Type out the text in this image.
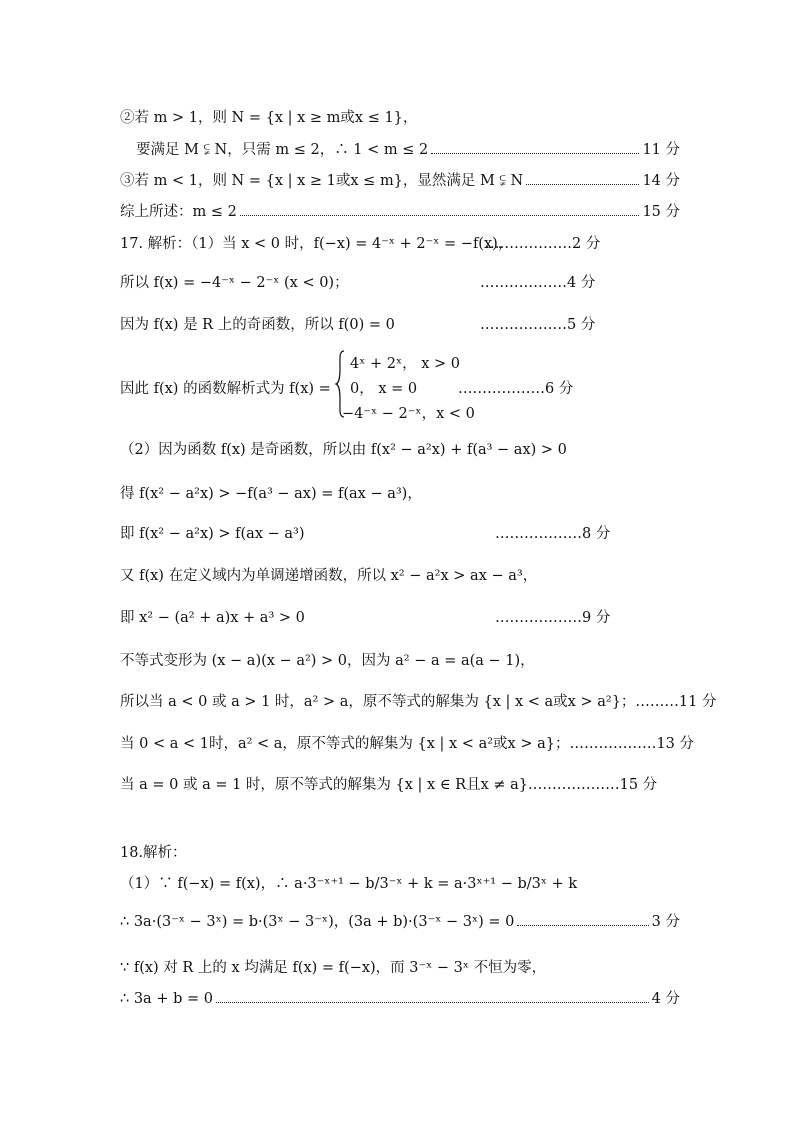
②若 m > 1，则 N = {x | x ≥ m或x ≤ 1}，
要满足 M ⫋ N，只需 m ≤ 2，∴ 1 < m ≤ 2	11 分
③若 m < 1，则 N = {x | x ≥ 1或x ≤ m}，显然满足 M ⫋ N	14 分
综上所述：m ≤ 2	15 分
17. 解析：（1）当 x < 0 时，f(−x) = 4⁻ˣ + 2⁻ˣ = −f(x)，
………………2 分
所以 f(x) = −4⁻ˣ − 2⁻ˣ (x < 0)；	………………4 分
因为 f(x) 是 R 上的奇函数，所以 f(0) = 0	………………5 分
因此 f(x) 的函数解析式为 f(x) =
4ˣ + 2ˣ， x > 0
0， x = 0
−4⁻ˣ − 2⁻ˣ，x < 0
………………6 分
（2）因为函数 f(x) 是奇函数，所以由 f(x² − a²x) + f(a³ − ax) > 0
得 f(x² − a²x) > −f(a³ − ax) = f(ax − a³)，
即 f(x² − a²x) > f(ax − a³)	………………8 分
又 f(x) 在定义域内为单调递增函数，所以 x² − a²x > ax − a³，
即 x² − (a² + a)x + a³ > 0	………………9 分
不等式变形为 (x − a)(x − a²) > 0，因为 a² − a = a(a − 1)，
所以当 a < 0 或 a > 1 时，a² > a，原不等式的解集为 {x | x < a或x > a²}；………11 分
当 0 < a < 1时，a² < a，原不等式的解集为 {x | x < a²或x > a}；………………13 分
当 a = 0 或 a = 1 时，原不等式的解集为 {x | x ∈ R且x ≠ a}.………………15 分
18.解析：
（1）∵ f(−x) = f(x)，∴ a·3⁻ˣ⁺¹ − b/3⁻ˣ + k = a·3ˣ⁺¹ − b/3ˣ + k
∴ 3a·(3⁻ˣ − 3ˣ) = b·(3ˣ − 3⁻ˣ)，(3a + b)·(3⁻ˣ − 3ˣ) = 0	3 分
∵ f(x) 对 R 上的 x 均满足 f(x) = f(−x)，而 3⁻ˣ − 3ˣ 不恒为零，
∴ 3a + b = 0	4 分
